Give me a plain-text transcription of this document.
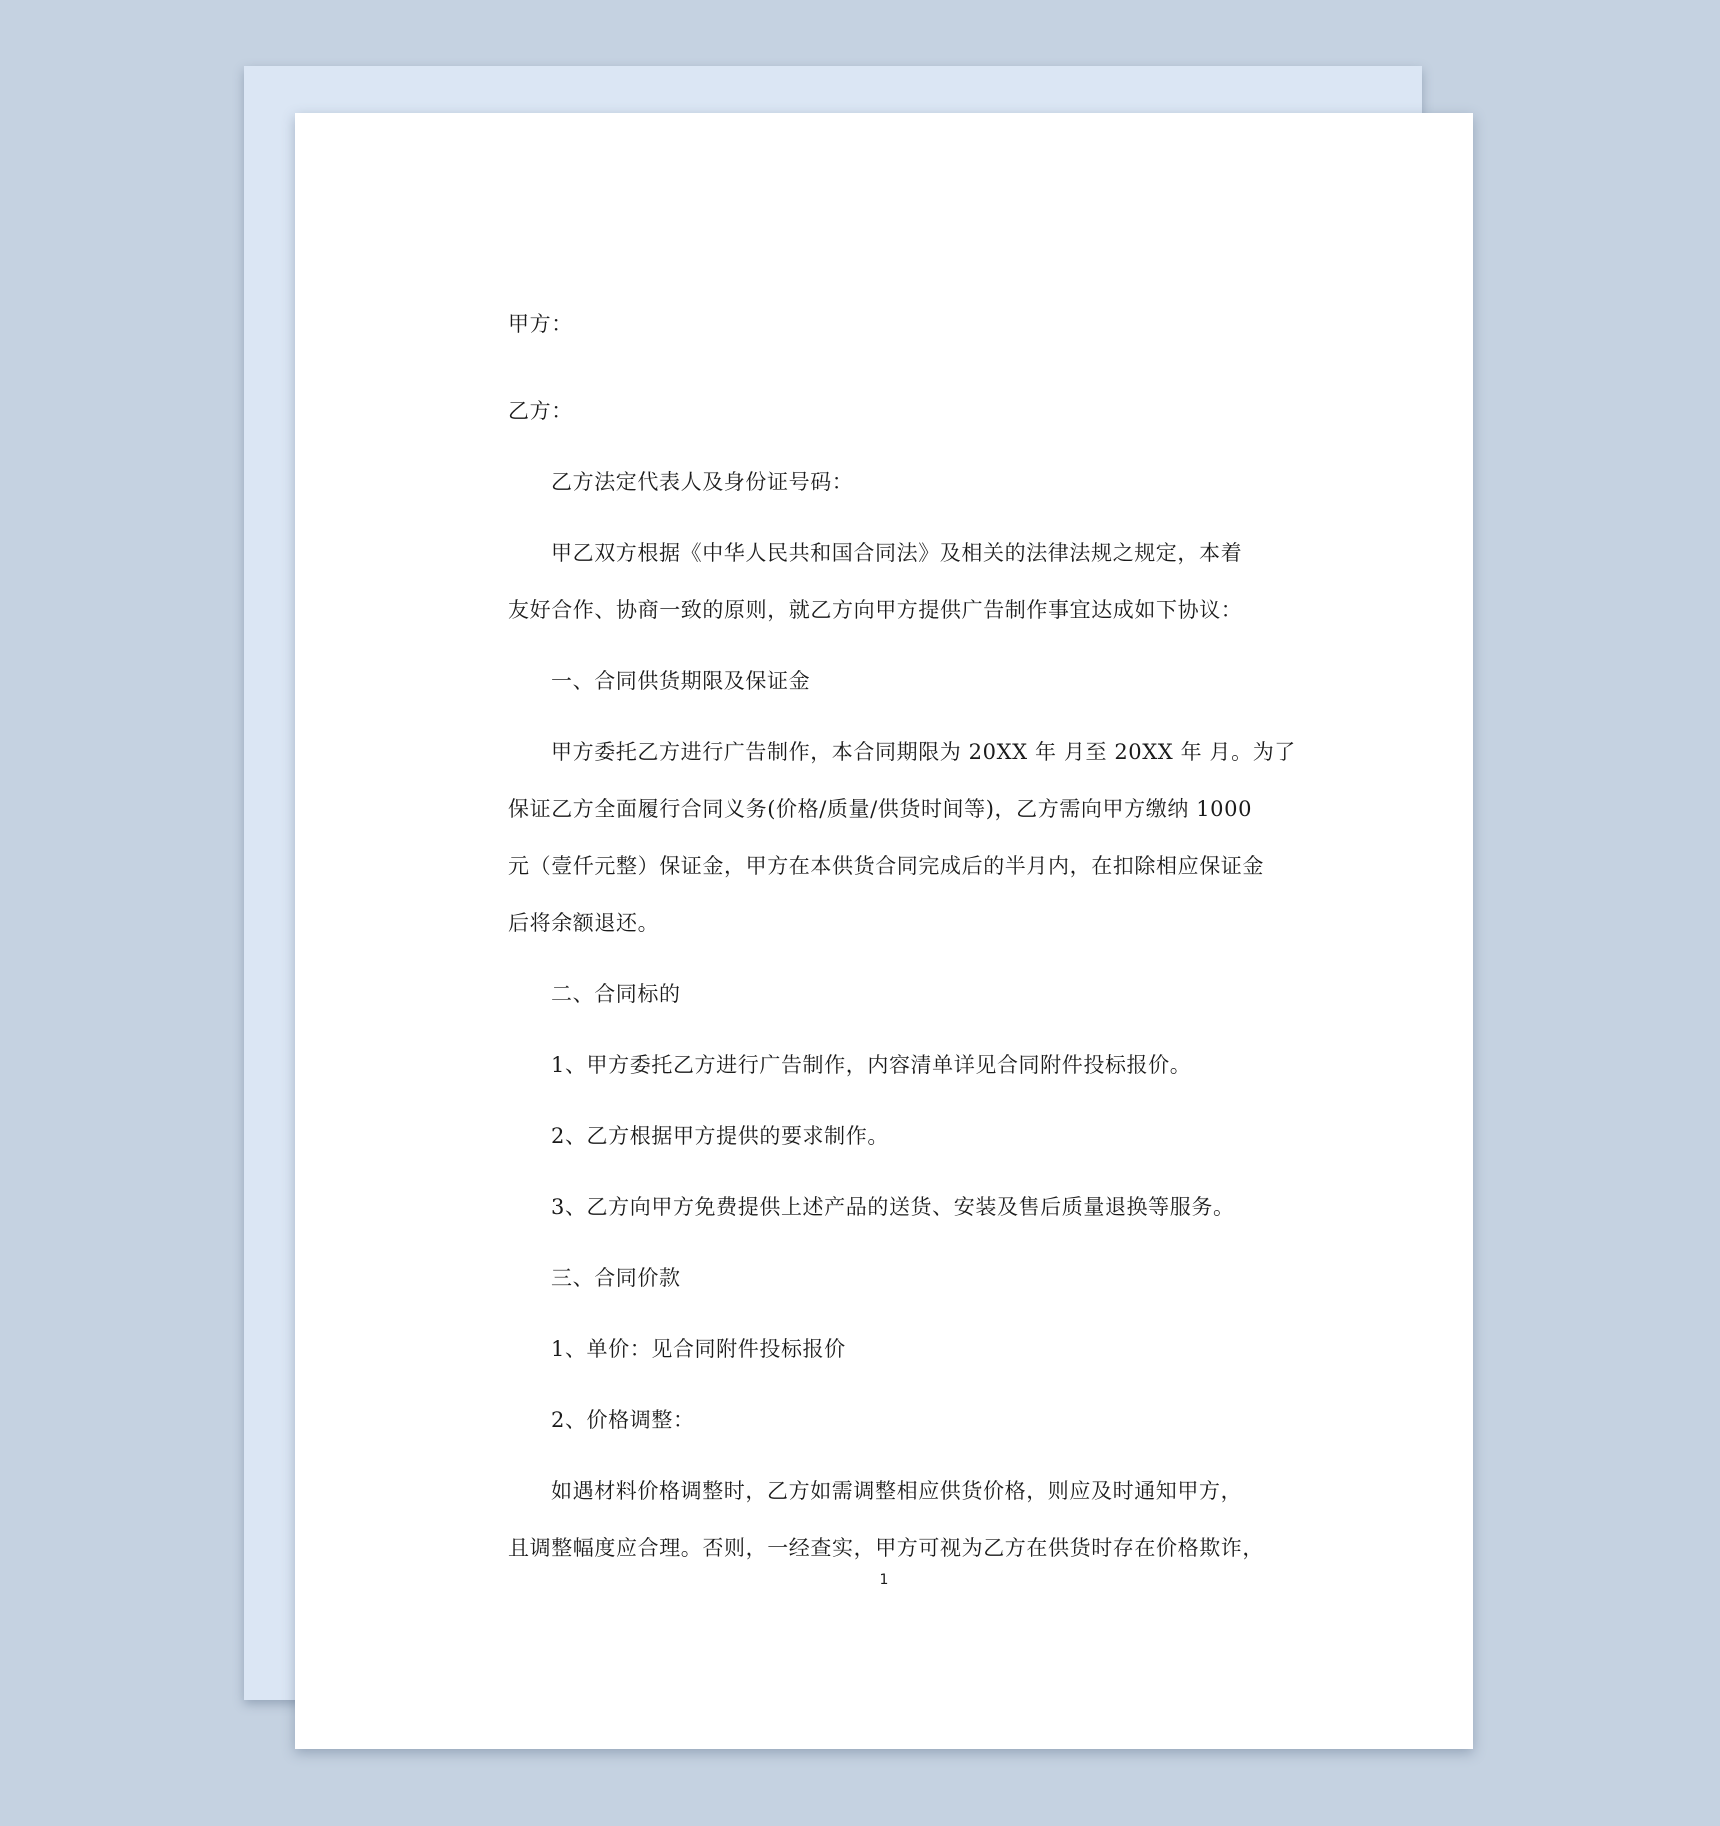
甲方：
乙方：
乙方法定代表人及身份证号码：
甲乙双方根据《中华人民共和国合同法》及相关的法律法规之规定，本着
友好合作、协商一致的原则，就乙方向甲方提供广告制作事宜达成如下协议：
一、合同供货期限及保证金
甲方委托乙方进行广告制作，本合同期限为 20XX 年 月至 20XX 年 月。为了
保证乙方全面履行合同义务(价格/质量/供货时间等)，乙方需向甲方缴纳 1000
元（壹仟元整）保证金，甲方在本供货合同完成后的半月内，在扣除相应保证金
后将余额退还。
二、合同标的
1、甲方委托乙方进行广告制作，内容清单详见合同附件投标报价。
2、乙方根据甲方提供的要求制作。
3、乙方向甲方免费提供上述产品的送货、安装及售后质量退换等服务。
三、合同价款
1、单价：见合同附件投标报价
2、价格调整：
如遇材料价格调整时，乙方如需调整相应供货价格，则应及时通知甲方，
且调整幅度应合理。否则，一经查实，甲方可视为乙方在供货时存在价格欺诈，
1
